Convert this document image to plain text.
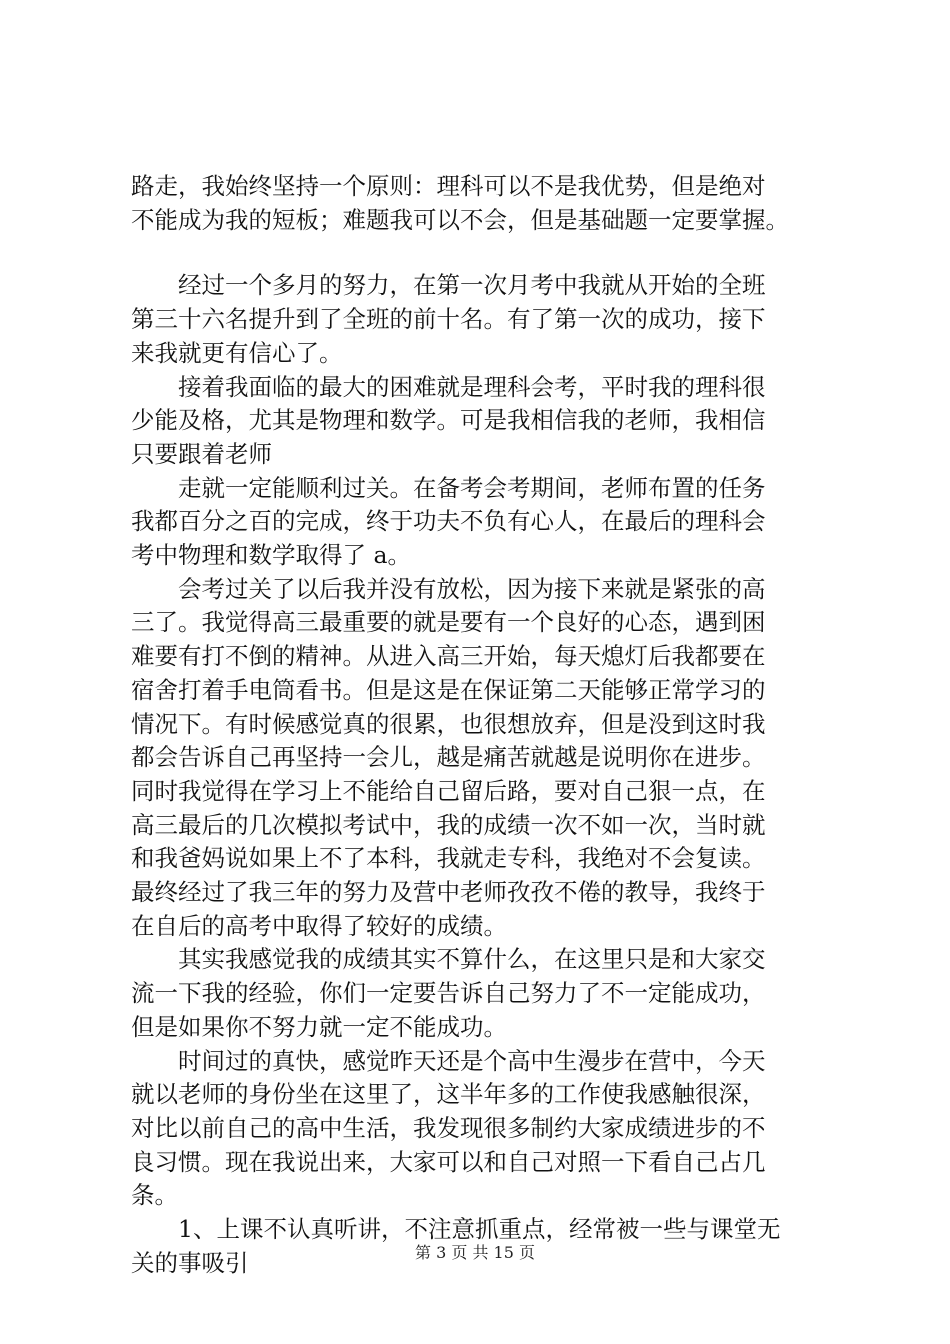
路走，我始终坚持一个原则：理科可以不是我优势，但是绝对
不能成为我的短板；难题我可以不会，但是基础题一定要掌握。

　　经过一个多月的努力，在第一次月考中我就从开始的全班
第三十六名提升到了全班的前十名。有了第一次的成功，接下
来我就更有信心了。

　　接着我面临的最大的困难就是理科会考，平时我的理科很
少能及格，尤其是物理和数学。可是我相信我的老师，我相信
只要跟着老师

　　走就一定能顺利过关。在备考会考期间，老师布置的任务
我都百分之百的完成，终于功夫不负有心人，在最后的理科会
考中物理和数学取得了 a。

　　会考过关了以后我并没有放松，因为接下来就是紧张的高
三了。我觉得高三最重要的就是要有一个良好的心态，遇到困
难要有打不倒的精神。从进入高三开始，每天熄灯后我都要在
宿舍打着手电筒看书。但是这是在保证第二天能够正常学习的
情况下。有时候感觉真的很累，也很想放弃，但是没到这时我
都会告诉自己再坚持一会儿，越是痛苦就越是说明你在进步。
同时我觉得在学习上不能给自己留后路，要对自己狠一点，在
高三最后的几次模拟考试中，我的成绩一次不如一次，当时就
和我爸妈说如果上不了本科，我就走专科，我绝对不会复读。
最终经过了我三年的努力及营中老师孜孜不倦的教导，我终于
在自后的高考中取得了较好的成绩。

　　其实我感觉我的成绩其实不算什么，在这里只是和大家交
流一下我的经验，你们一定要告诉自己努力了不一定能成功，
但是如果你不努力就一定不能成功。

　　时间过的真快，感觉昨天还是个高中生漫步在营中，今天
就以老师的身份坐在这里了，这半年多的工作使我感触很深，
对比以前自己的高中生活，我发现很多制约大家成绩进步的不
良习惯。现在我说出来，大家可以和自己对照一下看自己占几
条。

　　1、上课不认真听讲，不注意抓重点，经常被一些与课堂无
关的事吸引	第 3 页 共 15 页
